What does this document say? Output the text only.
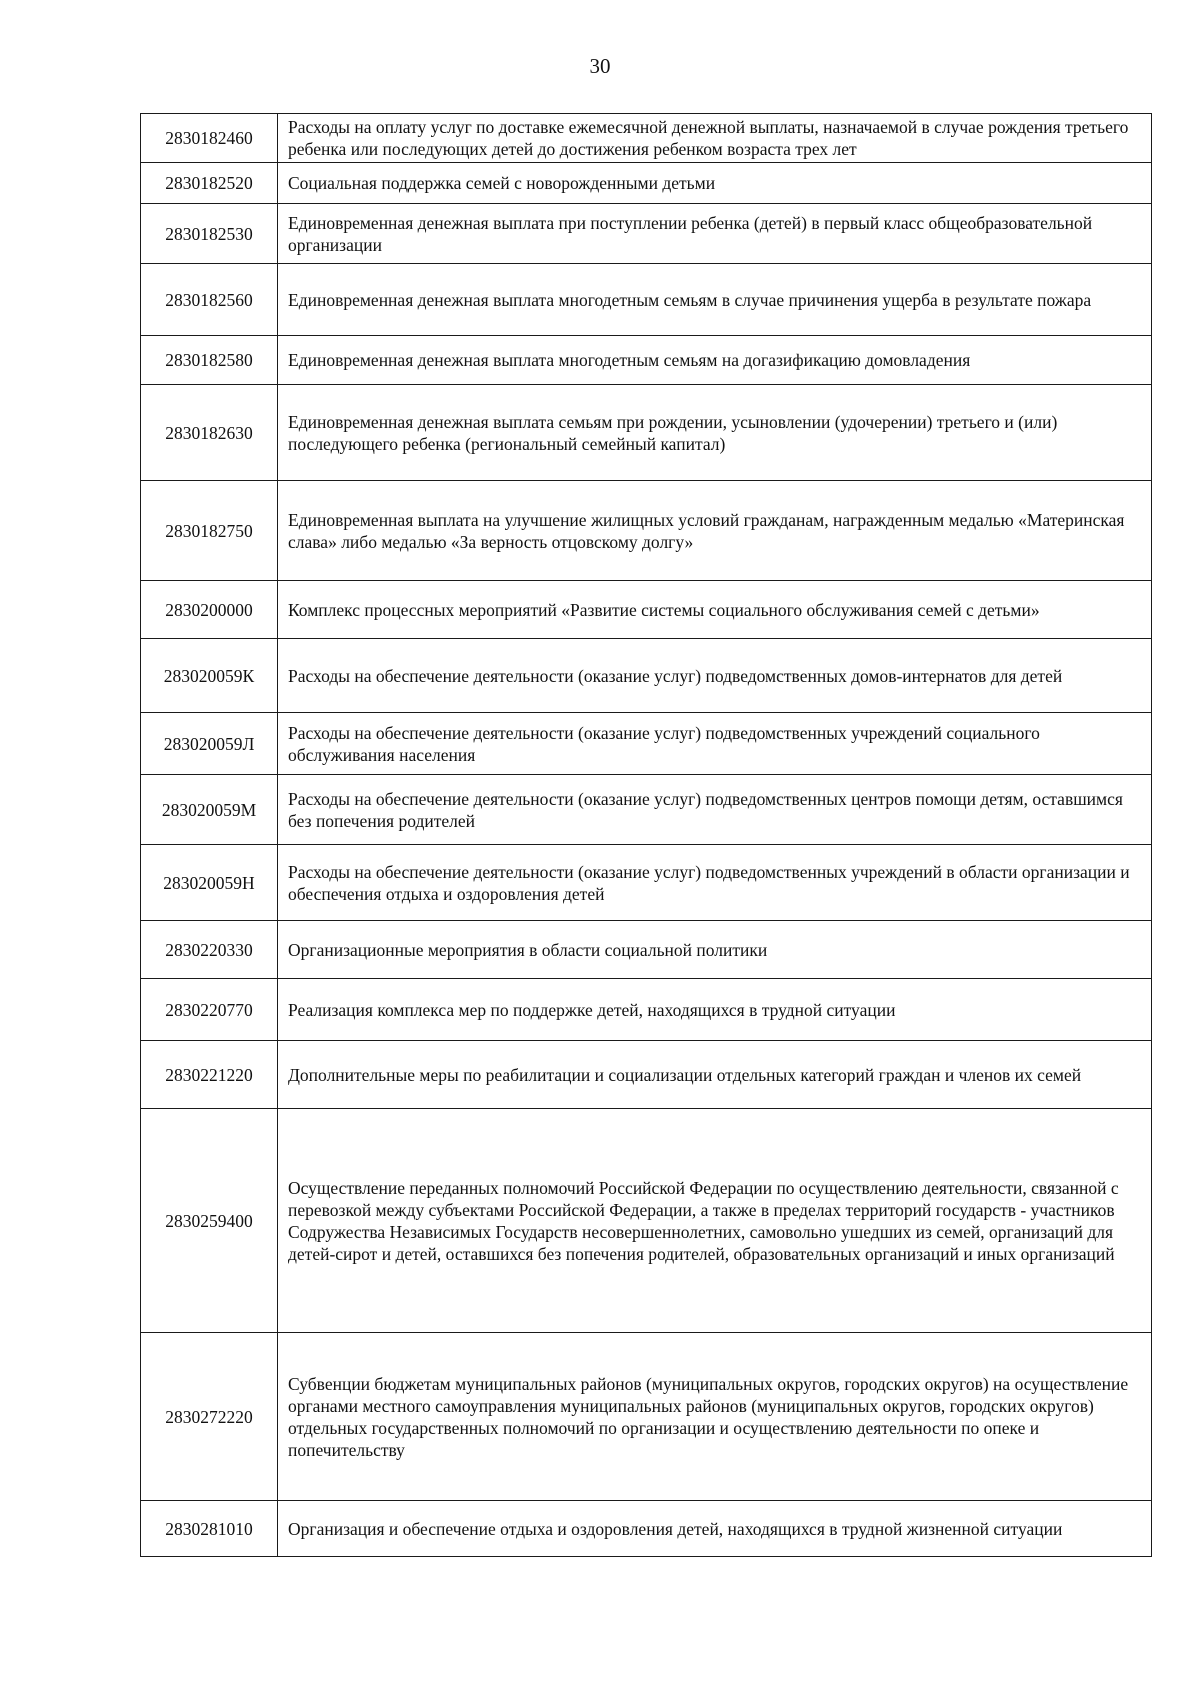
30
2830182460	Расходы на оплату услуг по доставке ежемесячной денежной выплаты, назначаемой в случае рождения третьего ребенка или последующих детей до достижения ребенком возраста трех лет
2830182520	Социальная поддержка семей с новорожденными детьми
2830182530	Единовременная денежная выплата при поступлении ребенка (детей) в первый класс общеобразовательной организации
2830182560	Единовременная денежная выплата многодетным семьям в случае причинения ущерба в результате пожара
2830182580	Единовременная денежная выплата многодетным семьям на догазификацию домовладения
2830182630	Единовременная денежная выплата семьям при рождении, усыновлении (удочерении) третьего и (или) последующего ребенка (региональный семейный капитал)
2830182750	Единовременная выплата на улучшение жилищных условий гражданам, награжденным медалью «Материнская слава» либо медалью «За верность отцовскому долгу»
2830200000	Комплекс процессных мероприятий «Развитие системы социального обслуживания семей с детьми»
283020059К	Расходы на обеспечение деятельности (оказание услуг) подведомственных домов-интернатов для детей
283020059Л	Расходы на обеспечение деятельности (оказание услуг) подведомственных учреждений социального обслуживания населения
283020059М	Расходы на обеспечение деятельности (оказание услуг) подведомственных центров помощи детям, оставшимся без попечения родителей
283020059Н	Расходы на обеспечение деятельности (оказание услуг) подведомственных учреждений в области организации и обеспечения отдыха и оздоровления детей
2830220330	Организационные мероприятия в области социальной политики
2830220770	Реализация комплекса мер по поддержке детей, находящихся в трудной ситуации
2830221220	Дополнительные меры по реабилитации и социализации отдельных категорий граждан и членов их семей
2830259400	Осуществление переданных полномочий Российской Федерации по осуществлению деятельности, связанной с перевозкой между субъектами Российской Федерации, а также в пределах территорий государств - участников Содружества Независимых Государств несовершеннолетних, самовольно ушедших из семей, организаций для детей-сирот и детей, оставшихся без попечения родителей, образовательных организаций и иных организаций
2830272220	Субвенции бюджетам муниципальных районов (муниципальных округов, городских округов) на осуществление органами местного самоуправления муниципальных районов (муниципальных округов, городских округов) отдельных государственных полномочий по организации и осуществлению деятельности по опеке и попечительству
2830281010	Организация и обеспечение отдыха и оздоровления детей, находящихся в трудной жизненной ситуации
